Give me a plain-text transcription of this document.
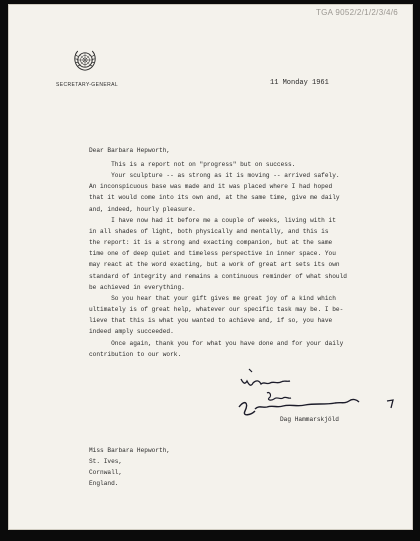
TGA 9052/2/1/2/3/4/6
SECRETARY-GENERAL	11 Monday 1961
Dear Barbara Hepworth,
This is a report not on "progress" but on success.
Your sculpture -- as strong as it is moving -- arrived safely.
An inconspicuous base was made and it was placed where I had hoped
that it would come into its own and, at the same time, give me daily
and, indeed, hourly pleasure.
I have now had it before me a couple of weeks, living with it
in all shades of light, both physically and mentally, and this is
the report: it is a strong and exacting companion, but at the same
time one of deep quiet and timeless perspective in inner space. You
may react at the word exacting, but a work of great art sets its own
standard of integrity and remains a continuous reminder of what should
be achieved in everything.
So you hear that your gift gives me great joy of a kind which
ultimately is of great help, whatever our specific task may be. I be-
lieve that this is what you wanted to achieve and, if so, you have
indeed amply succeeded.
Once again, thank you for what you have done and for your daily
contribution to our work.
Dag Hammarskjöld
Miss Barbara Hepworth,
St. Ives,
Cornwall,
England.
